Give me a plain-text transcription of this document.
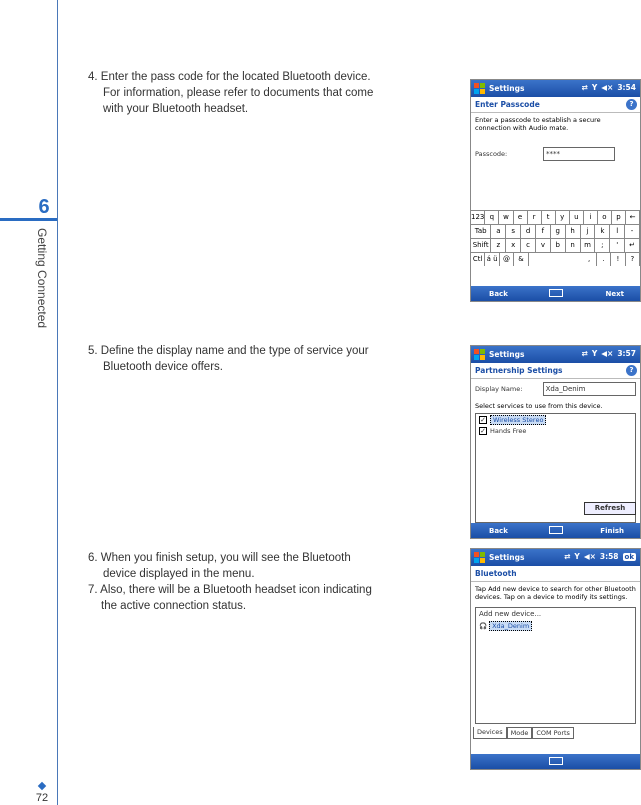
6
Getting Connected
72
4. Enter the pass code for the located Bluetooth device.
For information, please refer to documents that come
with your Bluetooth headset.
5. Define the display name and the type of service your
Bluetooth device offers.
6. When you finish setup, you will see the Bluetooth
device displayed in the menu.
7. Also, there will be a Bluetooth headset icon indicating
the active connection status.
Settings	⇄ Y ◀× 3:54
Enter Passcode	?
Enter a passcode to establish a secure connection with Audio mate.
Passcode:	****
123 q	w	e	r	t	y	u	i	o	p	←
Tab	a	s	d	f	g	h	j	k	l	-
Shift	z	x	c	v	b	n	m	;	'	↵
Ctl á ü @	&	,	.	!	?
Back	Next
Settings	⇄ Y ◀× 3:57
Partnership Settings	?
Display Name:	Xda_Denim
Select services to use from this device.
✓	Wireless Stereo
✓ Hands Free
Refresh
Back	Finish
Settings	⇄ Y ◀× 3:58 ok
Bluetooth
Tap Add new device to search for other Bluetooth devices. Tap on a device to modify its settings.
Add new device...
🎧 Xda_Denim
Devices	Mode	COM Ports
